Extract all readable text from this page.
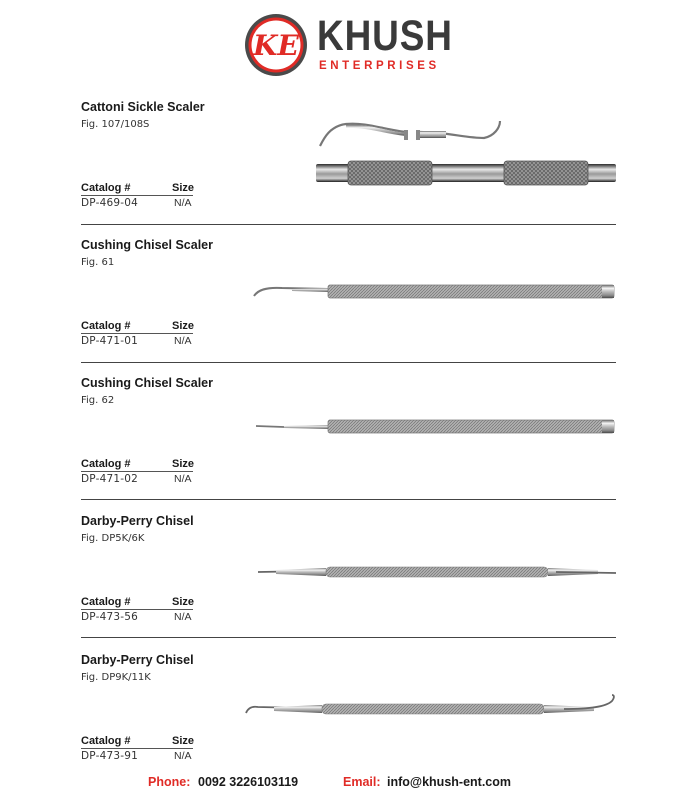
KE KHUSH
ENTERPRISES
Cattoni Sickle Scaler
Fig. 107/108S
Catalog #	Size
DP-469-04	N/A
Cushing Chisel Scaler
Fig. 61
Catalog #	Size
DP-471-01	N/A
Cushing Chisel Scaler
Fig. 62
Catalog #	Size
DP-471-02	N/A
Darby-Perry Chisel
Fig. DP5K/6K
Catalog #	Size
DP-473-56	N/A
Darby-Perry Chisel
Fig. DP9K/11K
Catalog #	Size
DP-473-91	N/A
Phone: 0092 3226103119	Email: info@khush-ent.com
